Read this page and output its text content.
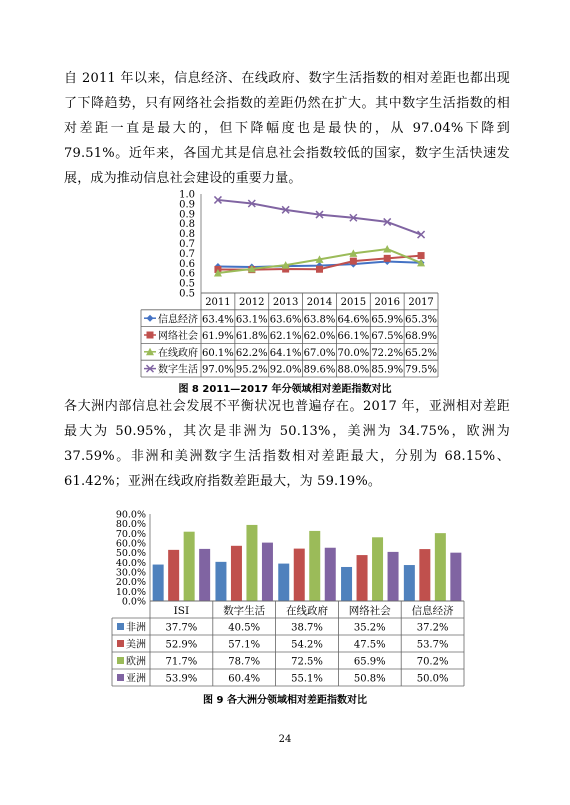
自 2011 年以来，信息经济、在线政府、数字生活指数的相对差距也都出现了下降趋势，只有网络社会指数的差距仍然在扩大。其中数字生活指数的相对差距一直是最大的，但下降幅度也是最快的，从 97.04%下降到 79.51%。近年来，各国尤其是信息社会指数较低的国家，数字生活快速发展，成为推动信息社会建设的重要力量。

1.0
0.9
0.9
0.8
0.8
0.7
0.7
0.6
0.6
0.5
0.5
2011 2012 2013 2014 2015 2016 2017
信息经济 63.4% 63.1% 63.6% 63.8% 64.6% 65.9% 65.3%
网络社会 61.9% 61.8% 62.1% 62.0% 66.1% 67.5% 68.9%
在线政府 60.1% 62.2% 64.1% 67.0% 70.0% 72.2% 65.2%
数字生活 97.0% 95.2% 92.0% 89.6% 88.0% 85.9% 79.5%
90.0%
80.0%
70.0%
60.0%
50.0%
40.0%
30.0%
20.0%
10.0%
0.0%
ISI	数字生活 在线政府 网络社会 信息经济
非洲 37.7%	40.5%	38.7%	35.2%	37.2%
美洲 52.9%	57.1%	54.2%	47.5%	53.7%
欧洲 71.7%	78.7%	72.5%	65.9%	70.2%
亚洲 53.9%	60.4%	55.1%	50.8%	50.0%
图 8 2011—2017 年分领域相对差距指数对比

各大洲内部信息社会发展不平衡状况也普遍存在。2017 年，亚洲相对差距最大为 50.95%，其次是非洲为 50.13%，美洲为 34.75%，欧洲为 37.59%。非洲和美洲数字生活指数相对差距最大，分别为 68.15%、61.42%；亚洲在线政府指数差距最大，为 59.19%。

图 9 各大洲分领域相对差距指数对比
24
